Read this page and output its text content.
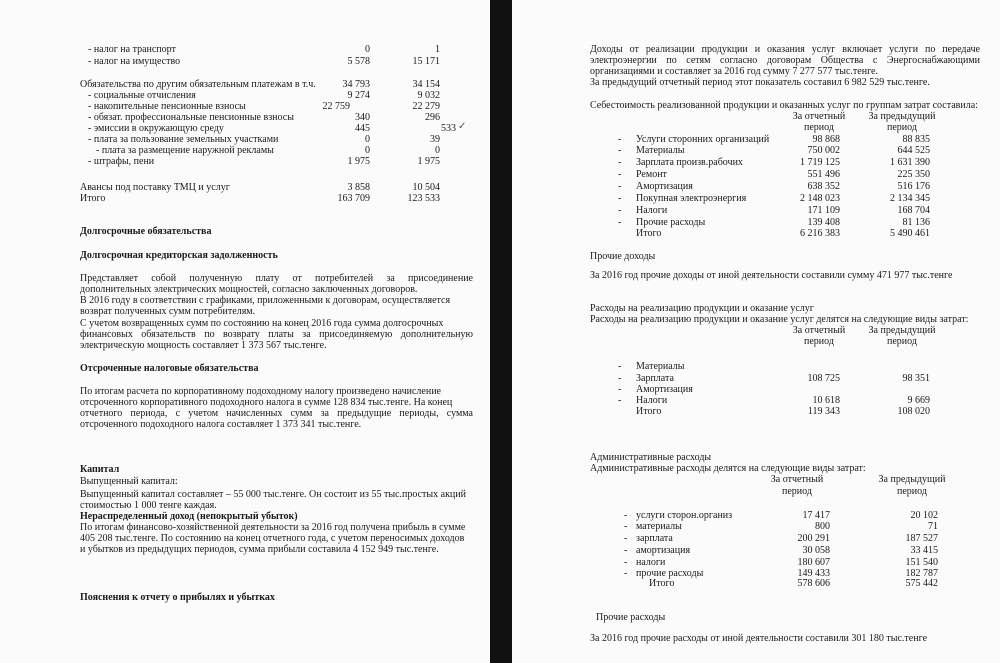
- налог на транспорт	0	1
- налог на имущество	5 578	15 171
Обязательства по другим обязательным платежам в т.ч.	34 793	34 154
- социальные отчисления	9 274	9 032
- накопительные пенсионные взносы	22 759	22 279
- обязат. профессиональные пенсионные взносы	340	296
- эмиссии в окружающую среду	445	533 ✓
- плата за пользование земельных участками	0	39
- плата за размещение наружной рекламы	0	0
- штрафы, пени	1 975	1 975
Авансы под поставку ТМЦ и услуг	3 858	10 504
Итого	163 709	123 533
Долгосрочные обязательства
Долгосрочная кредиторская задолженность
Представляет собой полученную плату от потребителей за присоединение
дополнительных электрических мощностей, согласно заключенных договоров.
В 2016 году в соответствии с графиками, приложенными к договорам, осуществляется
возврат полученных сумм потребителям.
С учетом возвращенных сумм по состоянию на конец 2016 года сумма долгосрочных
финансовых обязательств по возврату платы за присоединяемую дополнительную
электрическую мощность составляет 1 373 567 тыс.тенге.
Отсроченные налоговые обязательства
По итогам расчета по корпоративному подоходному налогу произведено начисление
отсроченного корпоративного подоходного налога в сумме 128 834 тыс.тенге. На конец
отчетного периода, с учетом начисленных сумм за предыдущие периоды, сумма
отсроченного подоходного налога составляет 1 373 341 тыс.тенге.
Капитал
Выпущенный капитал:
Выпущенный капитал составляет – 55 000 тыс.тенге. Он состоит из 55 тыс.простых акций
стоимостью 1 000 тенге каждая.
Нераспределенный доход (непокрытый убыток)
По итогам финансово-хозяйственной деятельности за 2016 год получена прибыль в сумме
405 208 тыс.тенге. По состоянию на конец отчетного года, с учетом переносимых доходов
и убытков из предыдущих периодов, сумма прибыли составила 4 152 949 тыс.тенге.
Пояснения к отчету о прибылях и убытках
Доходы от реализации продукции и оказания услуг включает услуги по передаче
электроэнергии по сетям согласно договорам Общества с Энергоснабжающими
организациями и составляет за 2016 год сумму 7 277 577 тыс.тенге.
За предыдущий отчетный период этот показатель составил 6 982 529 тыс.тенге.
Себестоимость реализованной продукции и оказанных услуг по группам затрат составила:
За отчетный
период
За предыдущий
период
- Услуги сторонних организаций	98 868	88 835
- Материалы	750 002	644 525
- Зарплата произв.рабочих	1 719 125	1 631 390
- Ремонт	551 496	225 350
- Амортизация	638 352	516 176
- Покупная электроэнергия	2 148 023	2 134 345
- Налоги	171 109	168 704
- Прочие расходы	139 408	81 136
Итого	6 216 383	5 490 461
Прочие доходы
За 2016 год прочие доходы от иной деятельности составили сумму 471 977 тыс.тенге
Расходы на реализацию продукции и оказание услуг
Расходы на реализацию продукции и оказание услуг делятся на следующие виды затрат:
За отчетный
период
За предыдущий
период
- Материалы
- Зарплата	108 725	98 351
- Амортизация
- Налоги	10 618	9 669
Итого	119 343	108 020
Административные расходы
Административные расходы делятся на следующие виды затрат:
За отчетный
период
За предыдущий
период
- услуги сторон.организ	17 417	20 102
- материалы	800	71
- зарплата	200 291	187 527
- амортизация	30 058	33 415
- налоги	180 607	151 540
- прочие расходы	149 433	182 787
Итого	578 606	575 442
Прочие расходы
За 2016 год прочие расходы от иной деятельности составили 301 180 тыс.тенге
